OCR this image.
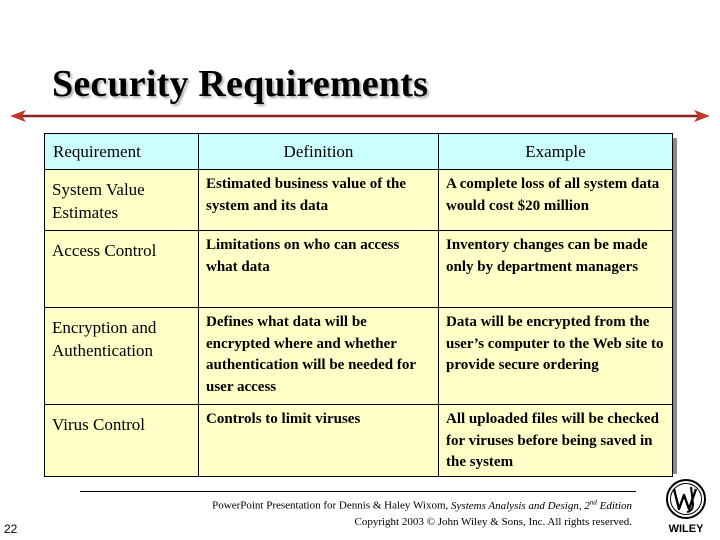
Security Requirements
Requirement	Definition	Example
System Value Estimates	Estimated business value of the system and its data	A complete loss of all system data would cost $20 million
Access Control	Limitations on who can access what data	Inventory changes can be made only by department managers
Encryption and Authentication	Defines what data will be encrypted where and whether authentication will be needed for user access	Data will be encrypted from the user’s computer to the Web site to provide secure ordering
Virus Control	Controls to limit viruses	All uploaded files will be checked for viruses before being saved in the system
PowerPoint Presentation for Dennis & Haley Wixom, Systems Analysis and Design, 2nd Edition
Copyright 2003 © John Wiley & Sons, Inc. All rights reserved.
22	WILEY
